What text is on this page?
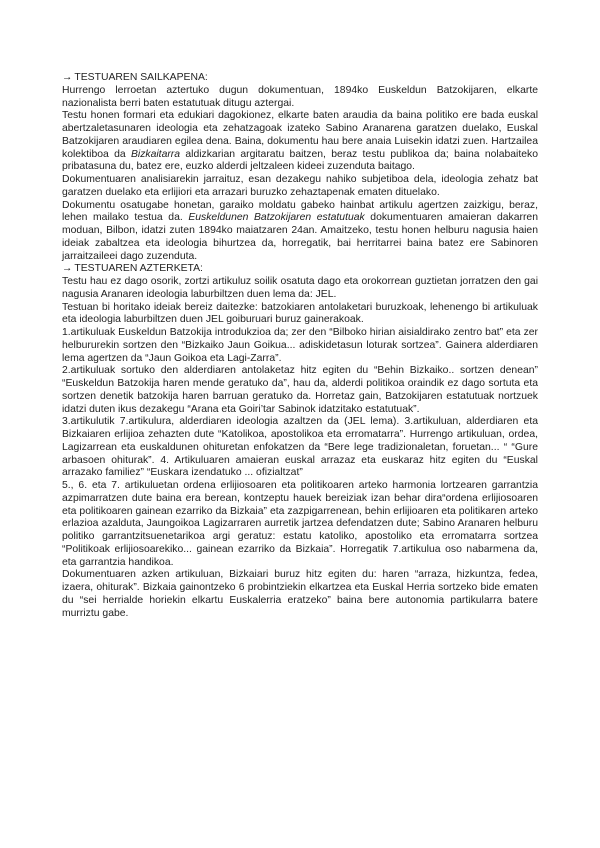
→ TESTUAREN SAILKAPENA:

Hurrengo lerroetan aztertuko dugun dokumentuan, 1894ko Euskeldun Batzokijaren, elkarte nazionalista berri baten estatutuak ditugu aztergai.

Testu honen formari eta edukiari dagokionez, elkarte baten araudia da baina politiko ere bada euskal abertzaletasunaren ideologia eta zehatzagoak izateko Sabino Aranarena garatzen duelako, Euskal Batzokijaren araudiaren egilea dena. Baina, dokumentu hau bere anaia Luisekin idatzi zuen. Hartzailea kolektiboa da Bizkaitarra aldizkarian argitaratu baitzen, beraz testu publikoa da; baina nolabaiteko pribatasuna du, batez ere, euzko alderdi jeltzaleen kideei zuzenduta baitago.

Dokumentuaren analisiarekin jarraituz, esan dezakegu nahiko subjetiboa dela, ideologia zehatz bat garatzen duelako eta erlijiori eta arrazari buruzko zehaztapenak ematen dituelako.

Dokumentu osatugabe honetan, garaiko moldatu gabeko hainbat artikulu agertzen zaizkigu, beraz, lehen mailako testua da. Euskeldunen Batzokijaren estatutuak dokumentuaren amaieran dakarren moduan, Bilbon, idatzi zuten 1894ko maiatzaren 24an. Amaitzeko, testu honen helburu nagusia haien ideiak zabaltzea eta ideologia bihurtzea da, horregatik, bai herritarrei baina batez ere Sabinoren jarraitzaileei dago zuzenduta.

→ TESTUAREN AZTERKETA:

Testu hau ez dago osorik, zortzi artikuluz soilik osatuta dago eta orokorrean guztietan jorratzen den gai nagusia Aranaren ideologia laburbiltzen duen lema da: JEL.

Testuan bi horitako ideiak bereiz daitezke: batzokiaren antolaketari buruzkoak, lehenengo bi artikuluak eta ideologia laburbiltzen duen JEL goiburuari buruz gainerakoak.

1.artikuluak Euskeldun Batzokija introdukzioa da; zer den “Bilboko hirian aisialdirako zentro bat” eta zer helbururekin sortzen den “Bizkaiko Jaun Goikua... adiskidetasun loturak sortzea”. Gainera alderdiaren lema agertzen da “Jaun Goikoa eta Lagi-Zarra”.

2.artikuluak sortuko den alderdiaren antolaketaz hitz egiten du “Behin Bizkaiko.. sortzen denean” “Euskeldun Batzokija haren mende geratuko da”, hau da, alderdi politikoa oraindik ez dago sortuta eta sortzen denetik batzokija haren barruan geratuko da. Horretaz gain, Batzokijaren estatutuak nortzuek idatzi duten ikus dezakegu “Arana eta Goiri’tar Sabinok idatzitako estatutuak”.

3.artikulutik 7.artikulura, alderdiaren ideologia azaltzen da (JEL lema). 3.artikuluan, alderdiaren eta Bizkaiaren erlijioa zehazten dute “Katolikoa, apostolikoa eta erromatarra”. Hurrengo artikuluan, ordea, Lagizarrean eta euskaldunen ohituretan enfokatzen da “Bere lege tradizionaletan, foruetan... “ “Gure arbasoen ohiturak”. 4. Artikuluaren amaieran euskal arrazaz eta euskaraz hitz egiten du “Euskal arrazako familiez” “Euskara izendatuko ... ofizialtzat”

5., 6. eta 7. artikuluetan ordena erlijiosoaren eta politikoaren arteko harmonia lortzearen garrantzia azpimarratzen dute baina era berean, kontzeptu hauek bereiziak izan behar dira“ordena erlijiosoaren eta politikoaren gainean ezarriko da Bizkaia” eta zazpigarrenean, behin erlijioaren eta politikaren arteko erlazioa azalduta, Jaungoikoa Lagizarraren aurretik jartzea defendatzen dute; Sabino Aranaren helburu politiko garrantzitsuenetarikoa argi geratuz: estatu katoliko, apostoliko eta erromatarra sortzea “Politikoak erlijiosoarekiko... gainean ezarriko da Bizkaia”. Horregatik 7.artikulua oso nabarmena da, eta garrantzia handikoa.

Dokumentuaren azken artikuluan, Bizkaiari buruz hitz egiten du: haren “arraza, hizkuntza, fedea, izaera, ohiturak”. Bizkaia gainontzeko 6 probintziekin elkartzea eta Euskal Herria sortzeko bide ematen du “sei herrialde horiekin elkartu Euskalerria eratzeko” baina bere autonomia partikularra batere murriztu gabe.
